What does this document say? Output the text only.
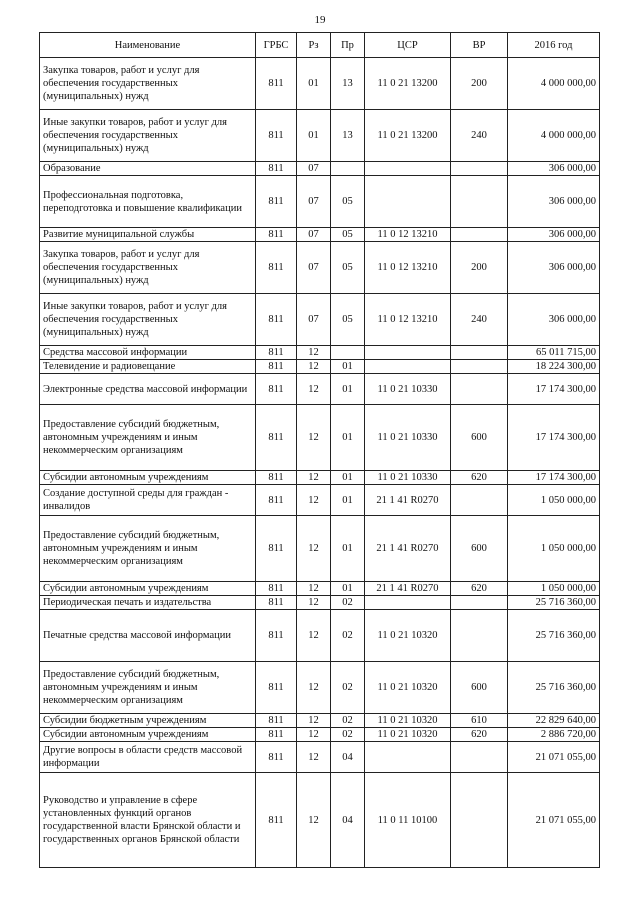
19
Наименование	ГРБС	Рз	Пр	ЦСР	ВР	2016 год
Закупка товаров, работ и услуг для обеспечения государственных (муниципальных) нужд	811	01	13	11 0 21 13200	200	4 000 000,00
Иные закупки товаров, работ и услуг для обеспечения государственных (муниципальных) нужд	811	01	13	11 0 21 13200	240	4 000 000,00
Образование	811	07				306 000,00
Профессиональная подготовка, переподготовка и повышение квалификации	811	07	05			306 000,00
Развитие муниципальной службы	811	07	05	11 0 12 13210		306 000,00
Закупка товаров, работ и услуг для обеспечения государственных (муниципальных) нужд	811	07	05	11 0 12 13210	200	306 000,00
Иные закупки товаров, работ и услуг для обеспечения государственных (муниципальных) нужд	811	07	05	11 0 12 13210	240	306 000,00
Средства массовой информации	811	12				65 011 715,00
Телевидение и радиовещание	811	12	01			18 224 300,00
Электронные средства массовой информации	811	12	01	11 0 21 10330		17 174 300,00
Предоставление субсидий бюджетным, автономным учреждениям и иным некоммерческим организациям	811	12	01	11 0 21 10330	600	17 174 300,00
Субсидии автономным учреждениям	811	12	01	11 0 21 10330	620	17 174 300,00
Создание доступной среды для граждан - инвалидов	811	12	01	21 1 41 R0270		1 050 000,00
Предоставление субсидий бюджетным, автономным учреждениям и иным некоммерческим организациям	811	12	01	21 1 41 R0270	600	1 050 000,00
Субсидии автономным учреждениям	811	12	01	21 1 41 R0270	620	1 050 000,00
Периодическая печать и издательства	811	12	02			25 716 360,00
Печатные средства массовой информации	811	12	02	11 0 21 10320		25 716 360,00
Предоставление субсидий бюджетным, автономным учреждениям и иным некоммерческим организациям	811	12	02	11 0 21 10320	600	25 716 360,00
Субсидии бюджетным учреждениям	811	12	02	11 0 21 10320	610	22 829 640,00
Субсидии автономным учреждениям	811	12	02	11 0 21 10320	620	2 886 720,00
Другие вопросы в области средств массовой информации	811	12	04			21 071 055,00
Руководство и управление в сфере установленных функций органов государственной власти Брянской области и государственных органов Брянской области	811	12	04	11 0 11 10100		21 071 055,00
